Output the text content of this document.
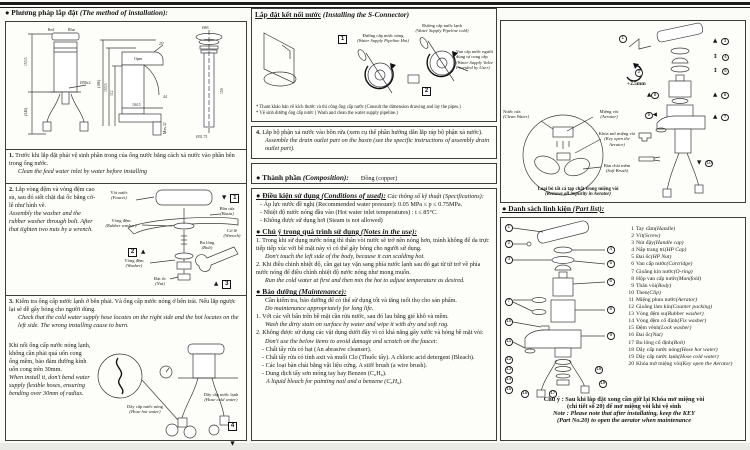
● Phương pháp lắp đặt (The method of installation):
153.5
(346)
Ø58±2
Red	Blue
(186) 153.5
112
104.5
25°
Open
44
Max.32
Ø63
150
Ø31.75
1. Trước khi lắp đặt phải vệ sinh phần trong của ống nước bằng cách xả nước vào phần bên trong ống nước.
Clean the feed water inlet by water before installing
2. Lắp vòng đệm và vòng đệm cao su, sau đó siết chặt đai ốc bằng cờ-lê như hình vẽ.
Assembly the washer and the rubber washer through bolt. After that tighten two nuts by a wrench.
Vòi nước
(Faucet)	▼ 1
Bồn rửa
(Basin)
Vòng đệm
(Rubber washer)
2 ▲
Bu lông
(Bolt)
Cờ lê
(Wrench)
Vòng đệm
(Washer)
Đai ốc
(Nut)	▲ 3
3. Kiểm tra ống cấp nước lạnh ở bên phải. Và ống cấp nước nóng ở bên trái. Nếu lắp ngược lại sẽ dễ gây bỏng cho người dùng.
Check that the cold water supply hose locates on the right side and the hot locates on the left side. The wrong installing cause to burn.
Khi nối ống cấp nước nóng lạnh, không cần phải quá uốn cong ống mềm, bảo đảm đường kính uốn cong trên 30mm.
When install it, don't bend water supply flexible hoses, ensuring bending over 30mm of radius.
Dây cấp nước nóng
(Hose hot water)
Dây cấp nước lạnh
(Hose cold water)
4
▼
Lắp đặt kết nối nước (Installing the S-Connector)
1
Đường cấp nước nóng
(Water Supply Pipeline Hot)
Đường cấp nước lạnh
(Water Supply Pipeline cold)
Van cấp nước người dùng tự cung cấp
(Water Supply Valve Provided by User)
2
* Tham khảo bản vẽ kích thước và thi công ống cấp nước (Consult the dimension drawing and lay the pipes.)
* Vệ sinh đường ống cấp nước ( Wash and clean the water supply pipeline.)
4. Lắp bộ phận xả nước vào bồn rửa (xem cụ thể phần hướng dẫn lắp ráp bộ phận xả nước).
Assemble the drain outlet part on the basin (see the specific instructions of assembly drain outlet part).
● Thành phần (Composition): Đồng (copper)
● Điều kiện sử dụng (Conditions of used): Các thông số kỹ thuật (Specifications):
- Áp lực nước đề nghị (Recommended water pressure): 0.05 MPa ≤ p ≤ 0.75MPa.
- Nhiệt độ nước nóng đầu vào (Hot water inlet temperatures) : t ≤ 85°C.
- Không được sử dụng hơi (Steam is not allowed)
● Chú ý trong quá trình sử dụng (Notes in the use):
1. Trong khi sử dụng nước nóng thì thân vòi nước sẽ trở nên nóng hơn, tránh không để da trực tiếp tiếp xúc với bề mặt này vì có thể gây bỏng cho người sử dụng.
Don't touch the left side of the body, because it can scalding hot.
2. Khi điều chỉnh nhiệt độ, cần gạt tay vặn sang phía nước lạnh sau đó gạt từ từ trở về phía nước nóng để điều chỉnh nhiệt độ nước nóng như mong muốn.
Run the cold water at first and then mix the hot to adjust temperature as desired.
● Bảo dưỡng (Maintenance):
Cần kiểm tra, bảo dưỡng để có thể sử dụng tốt và tăng tuổi thọ cho sản phẩm.
Do maintenance appropriately for long life.
1. Với các vết bẩn trên bề mặt cần rửa nước, sau đó lau bằng giẻ khô và mềm.
Wash the dirty stain on surface by water and wipe it with dry and soft rag.
2. Không được sử dụng các vật dụng dưới đây vì có khả năng gây xước và hỏng bề mặt vòi:
Don't use the below items to avoid damage and scratch on the faucet:
- Chất tẩy rửa có hạt (An abrasive cleanser).
- Chất tẩy rửa có tính axit và muối Clo (Thuốc tẩy). A chloric acid detergent (Bleach).
- Các loại bàn chải bằng vật liệu cứng. A stiff brush (a wire brush).
- Dung dịch tẩy sơn móng tay hay Benzen (C₆H₆).
A liquid bleach for painting nail and a benzene (C₆H₆).
▲ 3
↕ 4
↕ 5
▲ 6
▲ 7
1
2
+2.5mm
▲ 8
9 ◀
▼ 10
Nước rửa
(Clean Water)
Miệng vòi
(Aerator)
Khóa mở miệng vòi
(Key open the Aerator)
Bàn chải mềm
(Soft Brush)
Loại bỏ tất cả tạp chất trong miệng vòi
(Remove all impurity in Aerator)
● Danh sách linh kiện (Part list):
1
2
3
4
5
6
7
8
9
10
11
12
13
14
15
16	17
18
19
1 Tay cầm (Handle)
2 Vít (Screw)
3 Nút đậy (Handle cap)
4 Nắp trang trí (HP Cap)
5 Đai ốc (HP Nut)
6 Van cấp nước (Cartridge)
7 Gioăng kín nước (O-ring)
8 Hộp van cấp nước (Manifold)
9 Thân vòi (Body)
10 Then (Clip)
11 Miệng phun nước (Aerator)
12 Gioăng làm kín (Counter packing)
13 Vòng đệm su (Rubber washer)
14 Vòng đệm cố định (Fix washer)
15 Đệm vênh (Lock washer)
16 Đai ốc (Nut)
17 Bu lông cố định (Bolt)
18 Dây cấp nước nóng (Hose hot water)
19 Dây cấp nước lạnh (Hose cold water)
20 Khóa mở miệng vòi (Key open the Aerator)
Chú ý : Sau khi lắp đặt xong cần giữ lại Khóa mở miệng vòi
(chi tiết số 20) để mở miệng vòi khi vệ sinh
Note : Please note that after installating, keep the KEY
(Part No.20) to open the aerator when maintenance
